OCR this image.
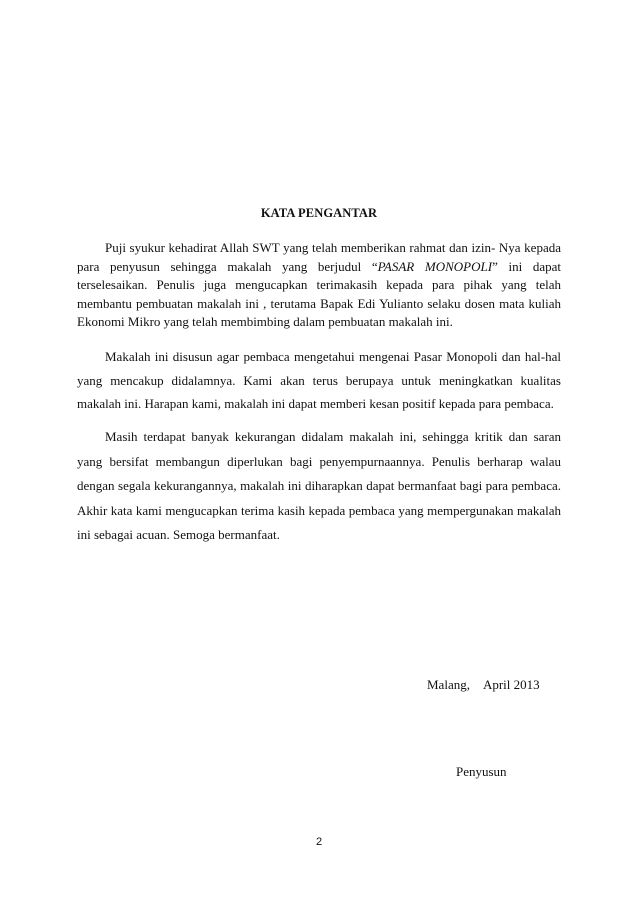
KATA PENGANTAR
Puji syukur kehadirat Allah SWT yang telah memberikan rahmat dan izin- Nya kepada para penyusun sehingga makalah yang berjudul “PASAR MONOPOLI” ini dapat terselesaikan. Penulis juga mengucapkan terimakasih kepada para pihak yang telah membantu pembuatan makalah ini , terutama Bapak Edi Yulianto selaku dosen mata kuliah Ekonomi Mikro yang telah membimbing dalam pembuatan makalah ini.
Makalah ini disusun agar pembaca mengetahui mengenai Pasar Monopoli dan hal-hal yang mencakup didalamnya. Kami akan terus berupaya untuk meningkatkan kualitas makalah ini. Harapan kami, makalah ini dapat memberi kesan positif kepada para pembaca.
Masih terdapat banyak kekurangan didalam makalah ini, sehingga kritik dan saran yang bersifat membangun diperlukan bagi penyempurnaannya. Penulis berharap walau dengan segala kekurangannya, makalah ini diharapkan dapat bermanfaat bagi para pembaca. Akhir kata kami mengucapkan terima kasih kepada pembaca yang mempergunakan makalah ini sebagai acuan. Semoga bermanfaat.
Malang, April 2013
Penyusun
2
